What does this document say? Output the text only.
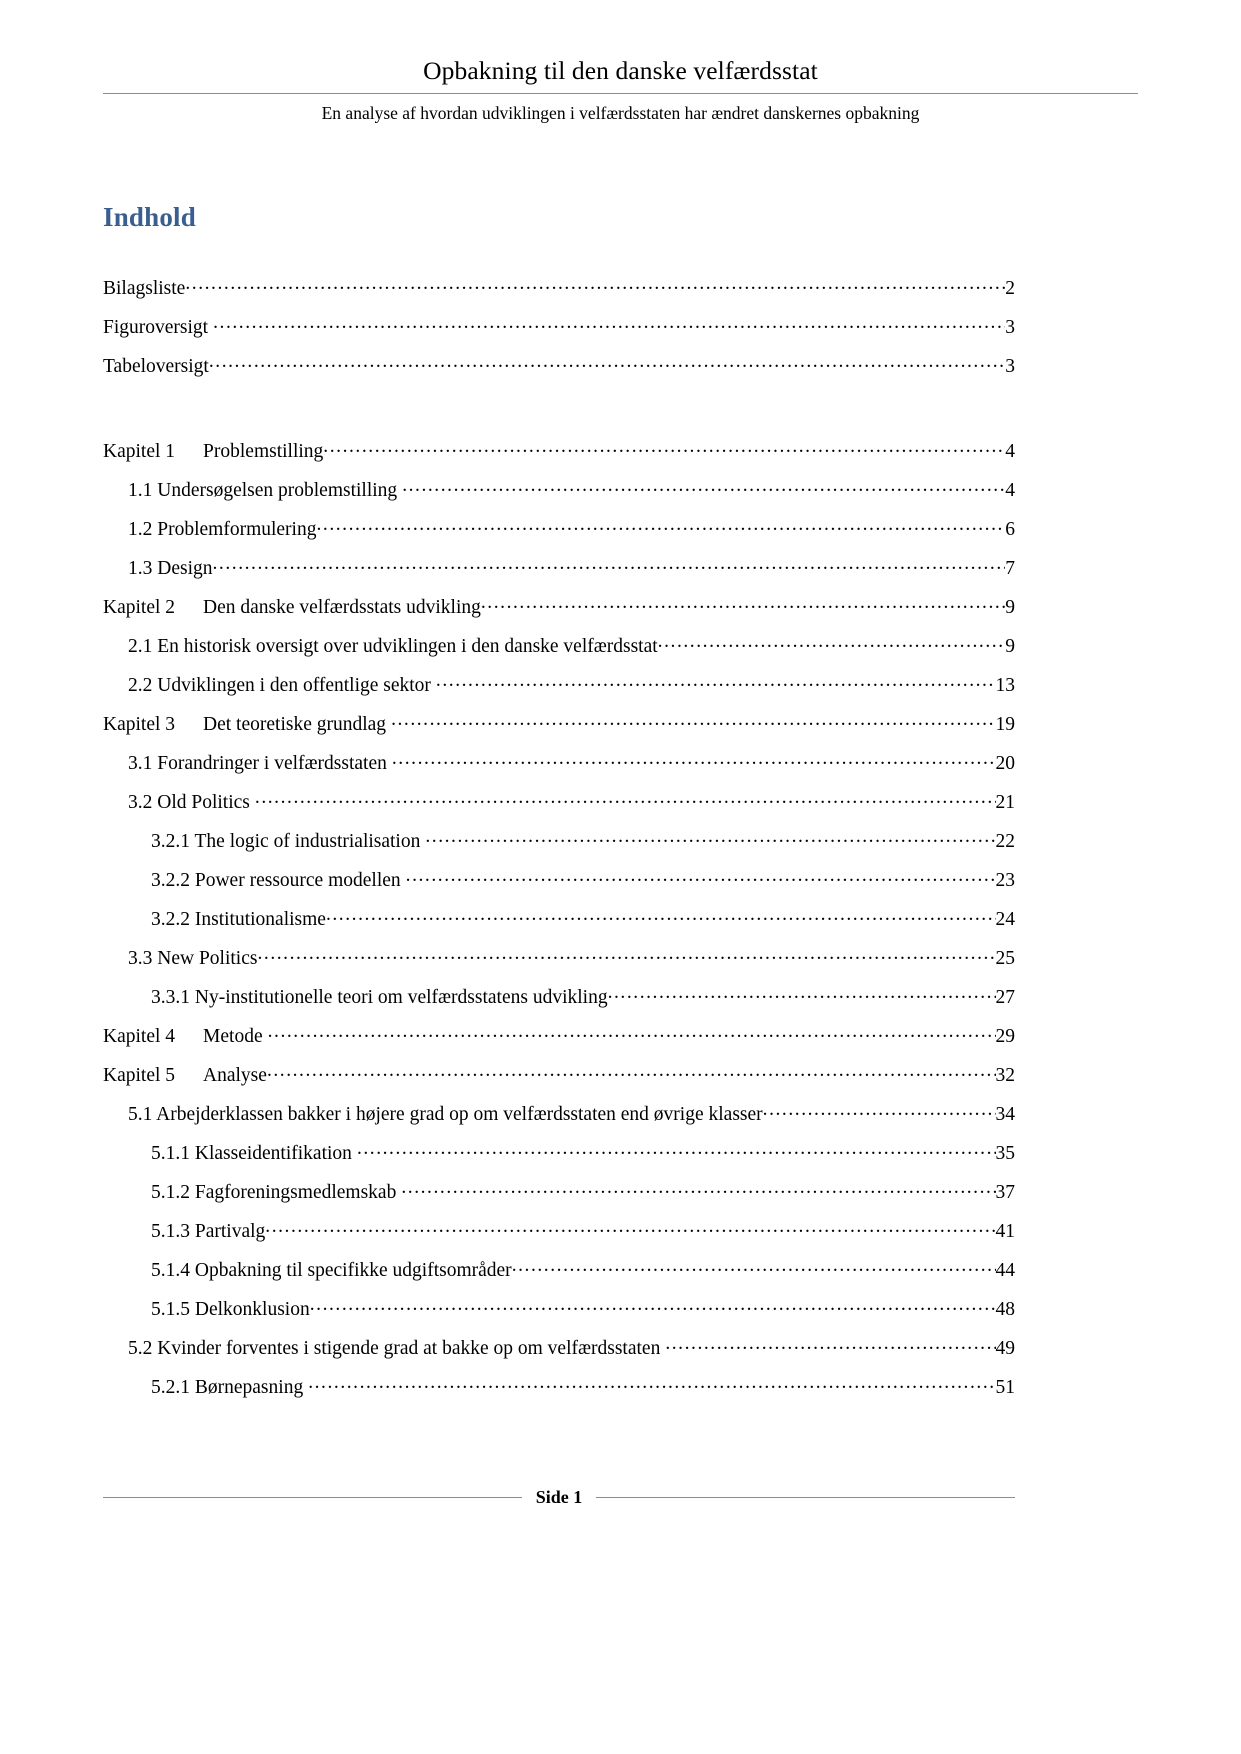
Opbakning til den danske velfærdsstat
En analyse af hvordan udviklingen i velfærdsstaten har ændret danskernes opbakning
Indhold
Bilagsliste .....	2
Figuroversigt .....	3
Tabeloversigt .....	3
Kapitel 1 Problemstilling .....	4
1.1 Undersøgelsen problemstilling .....	4
1.2 Problemformulering .....	6
1.3 Design .....	7
Kapitel 2 Den danske velfærdsstats udvikling .....	9
2.1 En historisk oversigt over udviklingen i den danske velfærdsstat .....	9
2.2 Udviklingen i den offentlige sektor .....	13
Kapitel 3 Det teoretiske grundlag .....	19
3.1 Forandringer i velfærdsstaten .....	20
3.2 Old Politics .....	21
3.2.1 The logic of industrialisation .....	22
3.2.2 Power ressource modellen .....	23
3.2.2 Institutionalisme .....	24
3.3 New Politics .....	25
3.3.1 Ny-institutionelle teori om velfærdsstatens udvikling .....	27
Kapitel 4 Metode .....	29
Kapitel 5 Analyse .....	32
5.1 Arbejderklassen bakker i højere grad op om velfærdsstaten end øvrige klasser .....	34
5.1.1 Klasseidentifikation .....	35
5.1.2 Fagforeningsmedlemskab .....	37
5.1.3 Partivalg .....	41
5.1.4 Opbakning til specifikke udgiftsområder .....	44
5.1.5 Delkonklusion .....	48
5.2 Kvinder forventes i stigende grad at bakke op om velfærdsstaten .....	49
5.2.1 Børnepasning .....	51
Side 1
